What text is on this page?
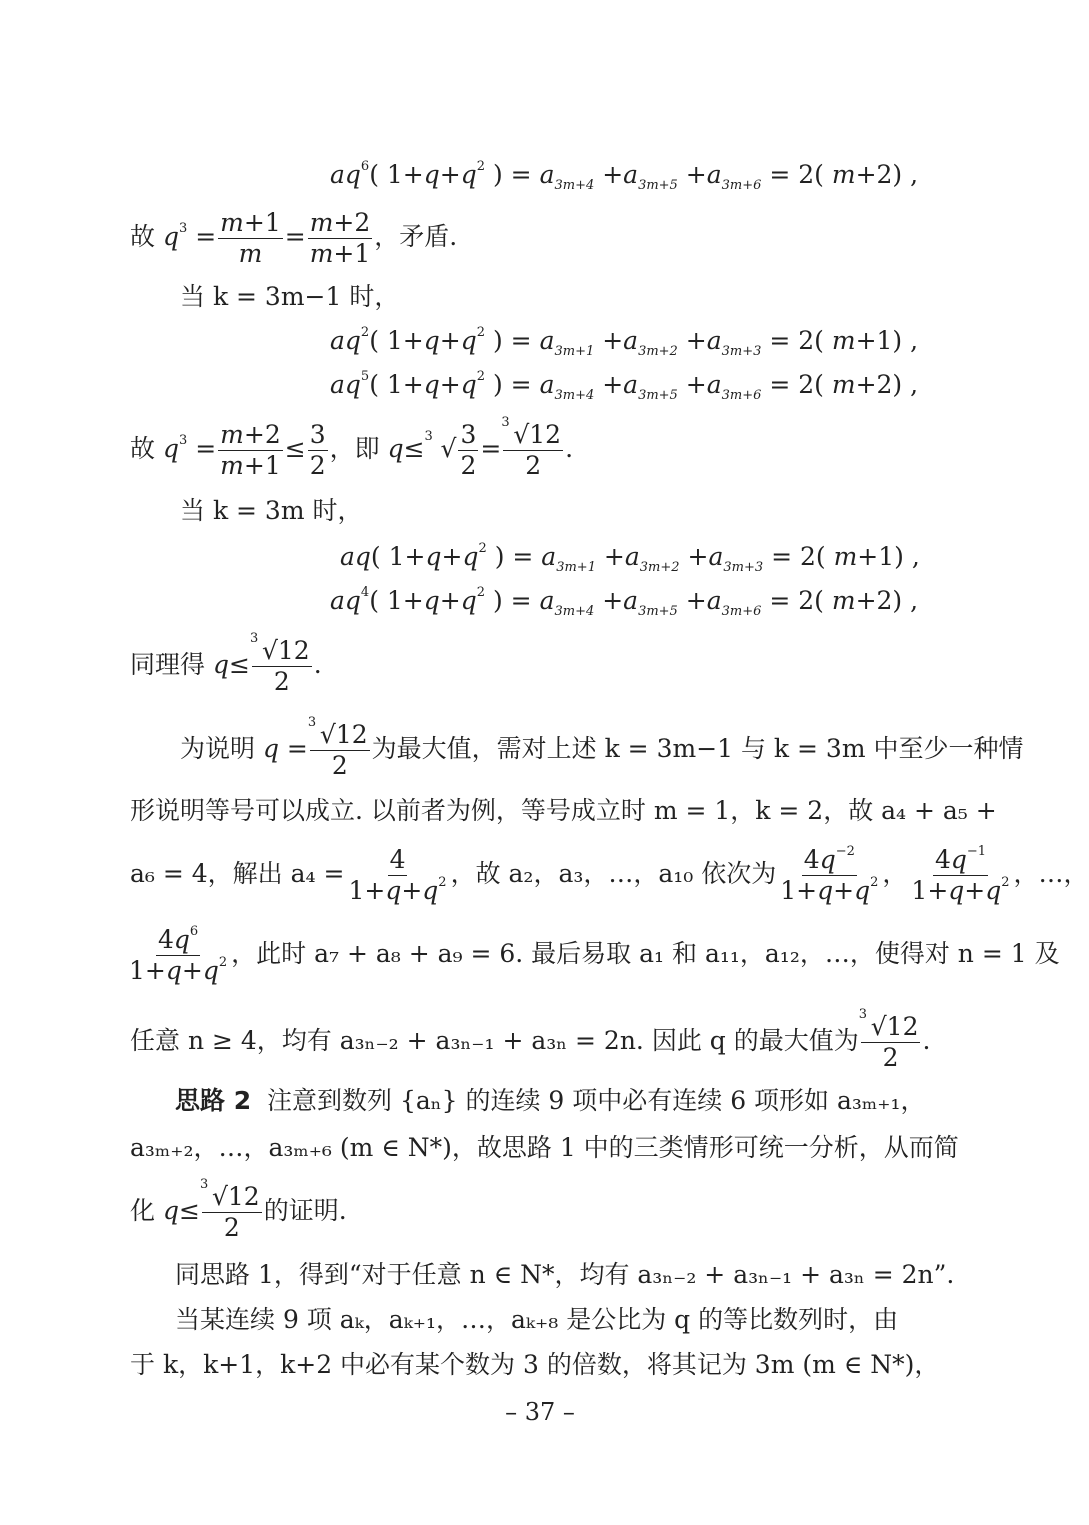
$aq^6$( $1+q+q^2$ ) = $a_{3m+4} +a_{3m+5} +a_{3m+6} = 2$( m+2) ,
故 $q^3 = \frac{m+1}{m} = \frac{m+2}{m+1}$ ，矛盾.
当 k = 3m−1 时，
$aq^2$( $1+q+q^2$ ) = $a_{3m+1} +a_{3m+2} +a_{3m+3} = 2$( m+1) ,
$aq^5$( $1+q+q^2$ ) = $a_{3m+4} +a_{3m+5} +a_{3m+6} = 2$( m+2) ,
故 $q^3 = \frac{m+2}{m+1} \le \frac{3}{2}$ ，即 q≤ 3 √ $\frac{3}{2} = \frac{3 √12}{2}$ .
当 k = 3m 时，
aq( $1+q+q^2$ ) = $a_{3m+1} +a_{3m+2} +a_{3m+3} = 2$( m+1) ,
$aq^4$( $1+q+q^2$ ) = $a_{3m+4} +a_{3m+5} +a_{3m+6} = 2$( m+2) ,
同理得 $q\le \frac{3 √12}{2}$ .
为说明 $q = \frac{3 √12}{2}$ 为最大值，需对上述 k = 3m−1 与 k = 3m 中至少一种情
形说明等号可以成立. 以前者为例，等号成立时 m = 1，k = 2，故 a₄ + a₅ +
a₆ = 4，解出 $a_4 = \frac{4}{1+q+q^2}$ ，故 a₂，a₃，…，a₁₀ 依次为 $\frac{4q^{-2}}{1+q+q^2}$ ， $\frac{4q^{-1}}{1+q+q^2}$ ，…，
$\frac{4q^6}{1+q+q^2}$ ，此时 a₇ + a₈ + a₉ = 6. 最后易取 a₁ 和 a₁₁，a₁₂，…，使得对 n = 1 及
任意 n ≥ 4，均有 a₃ₙ₋₂ + a₃ₙ₋₁ + a₃ₙ = 2n. 因此 q 的最大值为 $\frac{3 √12}{2}$ .
思路 2 注意到数列 {aₙ} 的连续 9 项中必有连续 6 项形如 a₃ₘ₊₁，
a₃ₘ₊₂，…，a₃ₘ₊₆ (m ∈ N*)，故思路 1 中的三类情形可统一分析，从而简
化 $q\le \frac{3 √12}{2}$ 的证明.
同思路 1，得到“对于任意 n ∈ N*，均有 a₃ₙ₋₂ + a₃ₙ₋₁ + a₃ₙ = 2n”.
当某连续 9 项 aₖ，aₖ₊₁，…，aₖ₊₈ 是公比为 q 的等比数列时，由
于 k，k+1，k+2 中必有某个数为 3 的倍数，将其记为 3m (m ∈ N*)，
– 37 –
